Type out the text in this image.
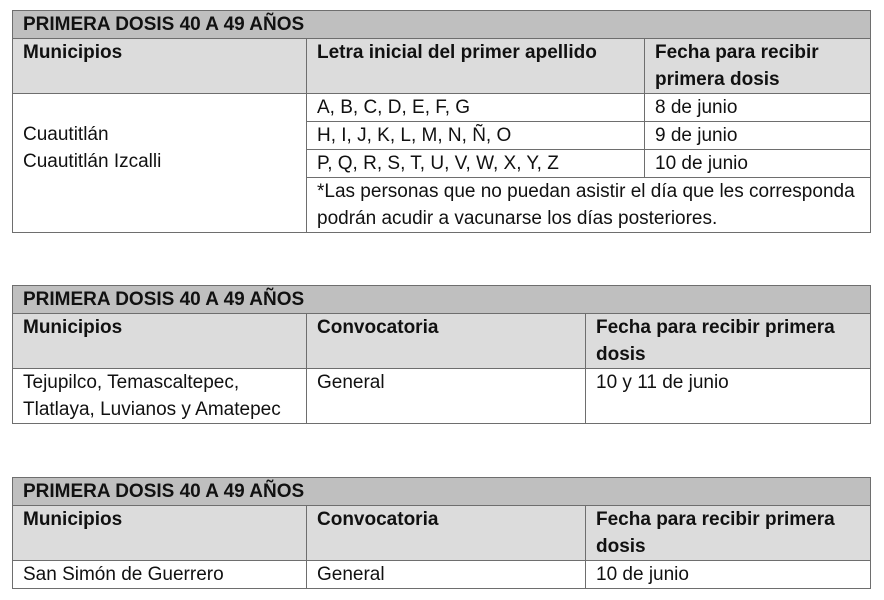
PRIMERA DOSIS 40 A 49 AÑOS		
Municipios	Letra inicial del primer apellido	Fecha para recibir primera dosis

Cuautitlán
Cuautitlán Izcalli	A, B, C, D, E, F, G	8 de junio
	H, I, J, K, L, M, N, Ñ, O	9 de junio
	P, Q, R, S, T, U, V, W, X, Y, Z	10 de junio
	*Las personas que no puedan asistir el día que les corresponda podrán acudir a vacunarse los días posteriores.	
PRIMERA DOSIS 40 A 49 AÑOS		
Municipios	Convocatoria	Fecha para recibir primera dosis
Tejupilco, Temascaltepec, Tlatlaya, Luvianos y Amatepec	General	10 y 11 de junio
PRIMERA DOSIS 40 A 49 AÑOS		
Municipios	Convocatoria	Fecha para recibir primera dosis
San Simón de Guerrero	General	10 de junio
